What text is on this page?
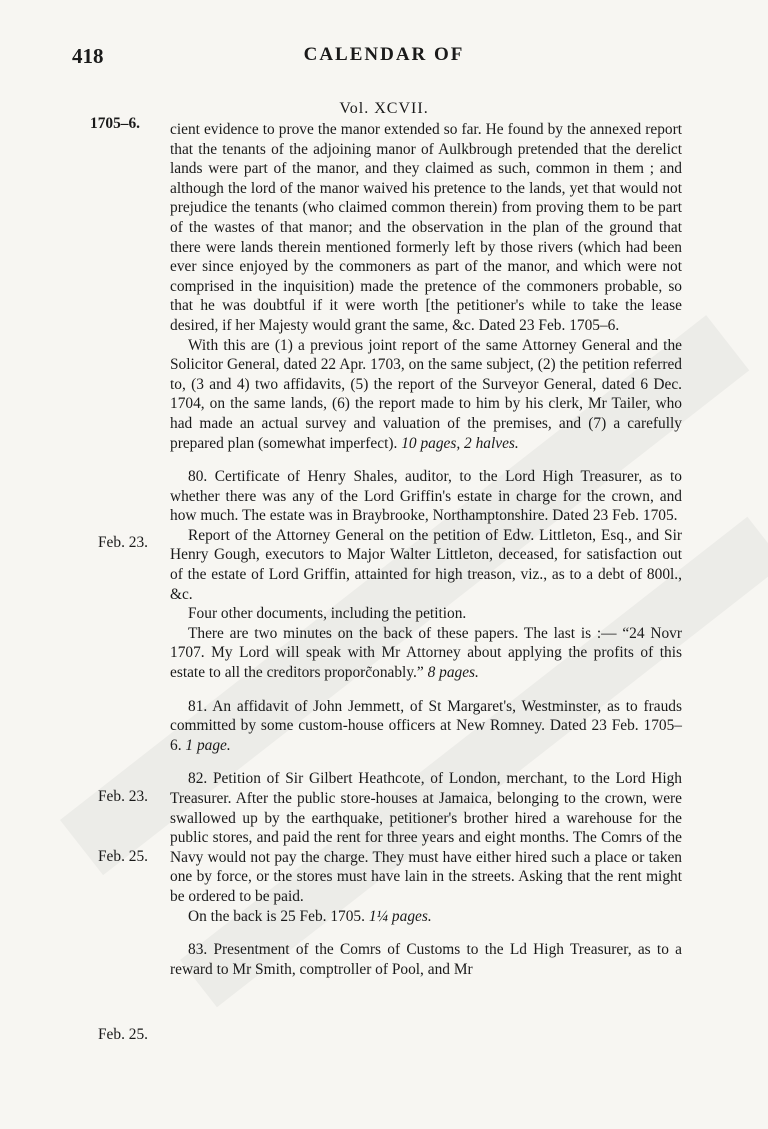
418	CALENDAR OF
Vol. XCVII.
1705–6.
Feb. 23.
Feb. 23.
Feb. 25.
Feb. 25.

cient evidence to prove the manor extended so far. He found by the annexed report that the tenants of the adjoining manor of Aulkbrough pretended that the derelict lands were part of the manor, and they claimed as such, common in them ; and although the lord of the manor waived his pretence to the lands, yet that would not prejudice the tenants (who claimed common therein) from proving them to be part of the wastes of that manor; and the observation in the plan of the ground that there were lands therein mentioned formerly left by those rivers (which had been ever since enjoyed by the commoners as part of the manor, and which were not comprised in the inquisition) made the pretence of the commoners probable, so that he was doubtful if it were worth [the petitioner's while to take the lease desired, if her Majesty would grant the same, &c. Dated 23 Feb. 1705–6.

With this are (1) a previous joint report of the same Attorney General and the Solicitor General, dated 22 Apr. 1703, on the same subject, (2) the petition referred to, (3 and 4) two affidavits, (5) the report of the Surveyor General, dated 6 Dec. 1704, on the same lands, (6) the report made to him by his clerk, Mr Tailer, who had made an actual survey and valuation of the premises, and (7) a carefully prepared plan (somewhat imperfect). 10 pages, 2 halves.

80. Certificate of Henry Shales, auditor, to the Lord High Treasurer, as to whether there was any of the Lord Griffin's estate in charge for the crown, and how much. The estate was in Braybrooke, Northamptonshire. Dated 23 Feb. 1705.

Report of the Attorney General on the petition of Edw. Littleton, Esq., and Sir Henry Gough, executors to Major Walter Littleton, deceased, for satisfaction out of the estate of Lord Griffin, attainted for high treason, viz., as to a debt of 800l., &c.

Four other documents, including the petition.

There are two minutes on the back of these papers. The last is :— “24 Novr 1707. My Lord will speak with Mr Attorney about applying the profits of this estate to all the creditors proporc̃onably.” 8 pages.

81. An affidavit of John Jemmett, of St Margaret's, Westminster, as to frauds committed by some custom-house officers at New Romney. Dated 23 Feb. 1705–6. 1 page.

82. Petition of Sir Gilbert Heathcote, of London, merchant, to the Lord High Treasurer. After the public store-houses at Jamaica, belonging to the crown, were swallowed up by the earthquake, petitioner's brother hired a warehouse for the public stores, and paid the rent for three years and eight months. The Comrs of the Navy would not pay the charge. They must have either hired such a place or taken one by force, or the stores must have lain in the streets. Asking that the rent might be ordered to be paid.

On the back is 25 Feb. 1705. 1¼ pages.

83. Presentment of the Comrs of Customs to the Ld High Treasurer, as to a reward to Mr Smith, comptroller of Pool, and Mr
